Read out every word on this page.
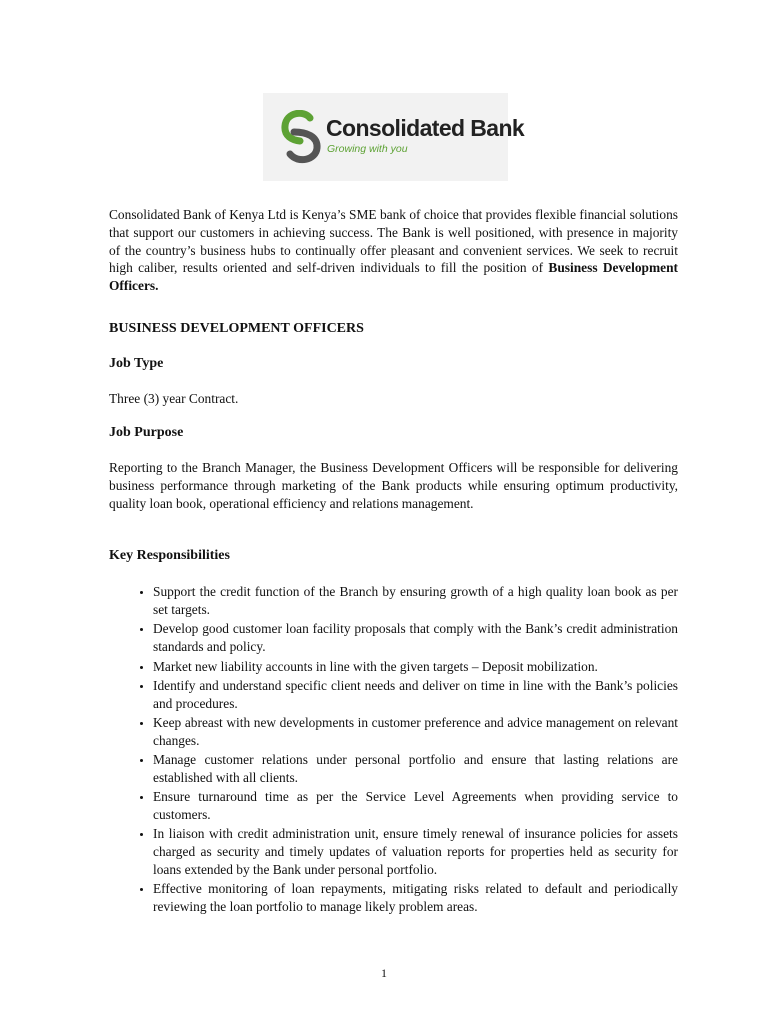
Consolidated Bank
Growing with you

Consolidated Bank of Kenya Ltd is Kenya’s SME bank of choice that provides flexible financial solutions that support our customers in achieving success. The Bank is well positioned, with presence in majority of the country’s business hubs to continually offer pleasant and convenient services. We seek to recruit high caliber, results oriented and self-driven individuals to fill the position of Business Development Officers.

BUSINESS DEVELOPMENT OFFICERS

Job Type

Three (3) year Contract.

Job Purpose

Reporting to the Branch Manager, the Business Development Officers will be responsible for delivering business performance through marketing of the Bank products while ensuring optimum productivity, quality loan book, operational efficiency and relations management.

Key Responsibilities

• Support the credit function of the Branch by ensuring growth of a high quality loan book as per set targets.
• Develop good customer loan facility proposals that comply with the Bank’s credit administration standards and policy.
• Market new liability accounts in line with the given targets – Deposit mobilization.
• Identify and understand specific client needs and deliver on time in line with the Bank’s policies and procedures.
• Keep abreast with new developments in customer preference and advice management on relevant changes.
• Manage customer relations under personal portfolio and ensure that lasting relations are established with all clients.
• Ensure turnaround time as per the Service Level Agreements when providing service to customers.
• In liaison with credit administration unit, ensure timely renewal of insurance policies for assets charged as security and timely updates of valuation reports for properties held as security for loans extended by the Bank under personal portfolio.
• Effective monitoring of loan repayments, mitigating risks related to default and periodically reviewing the loan portfolio to manage likely problem areas.
1
